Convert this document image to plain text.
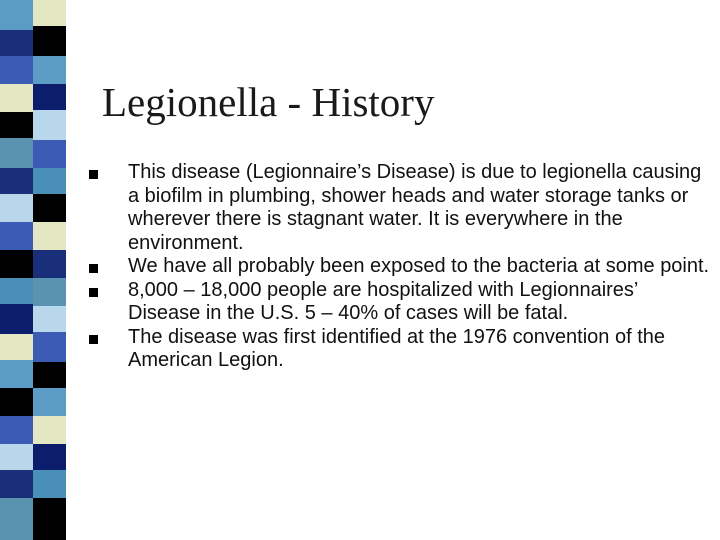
Legionella - History
This disease (Legionnaire’s Disease) is due to legionella causing a biofilm in plumbing, shower heads and water storage tanks or wherever there is stagnant water. It is everywhere in the environment.
We have all probably been exposed to the bacteria at some point.
8,000 – 18,000 people are hospitalized with Legionnaires’ Disease in the U.S. 5 – 40% of cases will be fatal.
The disease was first identified at the 1976 convention of the American Legion.
